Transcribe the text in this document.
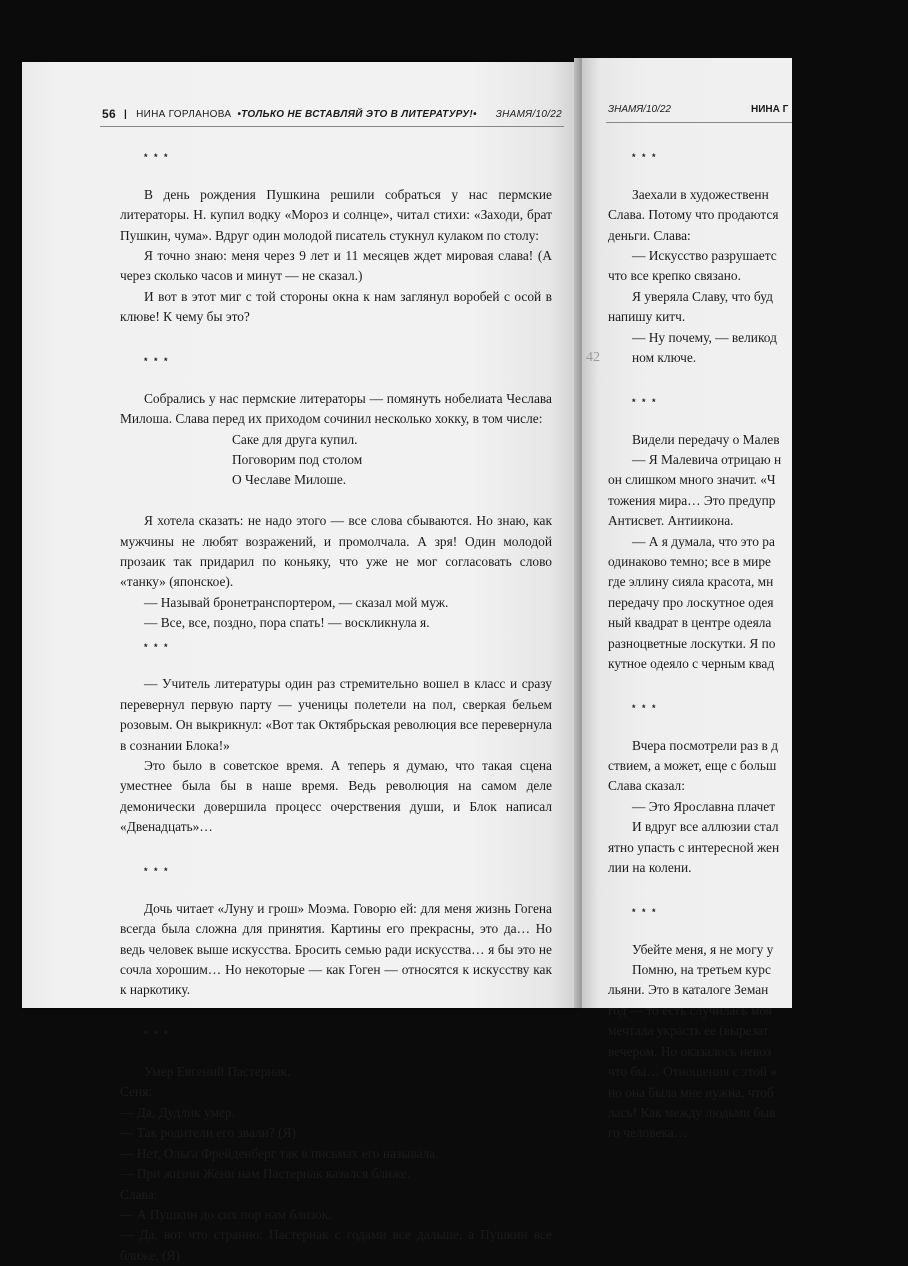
56 | НИНА ГОРЛАНОВА •ТОЛЬКО НЕ ВСТАВЛЯЙ ЭТО В ЛИТЕРАТУРУ!• ЗНАМЯ/10/22
* * *

В день рождения Пушкина решили собраться у нас пермские литераторы. Н. купил водку «Мороз и солнце», читал стихи: «Заходи, брат Пушкин, чума». Вдруг один молодой писатель стукнул кулаком по столу:

Я точно знаю: меня через 9 лет и 11 месяцев ждет мировая слава! (А через сколько часов и минут — не сказал.)

И вот в этот миг с той стороны окна к нам заглянул воробей с осой в клюве! К чему бы это?

* * *

Собрались у нас пермские литераторы — помянуть нобелиата Чеслава Милоша. Слава перед их приходом сочинил несколько хокку, в том числе:

Саке для друга купил.

Поговорим под столом

О Чеславе Милоше.

Я хотела сказать: не надо этого — все слова сбываются. Но знаю, как мужчины не любят возражений, и промолчала. А зря! Один молодой прозаик так придарил по коньяку, что уже не мог согласовать слово «танку» (японское).

— Называй бронетранспортером, — сказал мой муж.

— Все, все, поздно, пора спать! — воскликнула я.

* * *

— Учитель литературы один раз стремительно вошел в класс и сразу перевернул первую парту — ученицы полетели на пол, сверкая бельем розовым. Он выкрикнул: «Вот так Октябрьская революция все перевернула в сознании Блока!»

Это было в советское время. А теперь я думаю, что такая сцена уместнее была бы в наше время. Ведь революция на самом деле демонически довершила процесс очерствения души, и Блок написал «Двенадцать»…

* * *

Дочь читает «Луну и грош» Моэма. Говорю ей: для меня жизнь Гогена всегда была сложна для принятия. Картины его прекрасны, это да… Но ведь человек выше искусства. Бросить семью ради искусства… я бы это не сочла хорошим… Но некоторые — как Гоген — относятся к искусству как к наркотику.

* * *

Умер Евгений Пастернак.

Сеня:

— Да, Дудлик умер.

— Так родители его звали? (Я)

— Нет, Ольга Фрейденберг так в письмах его называла.

— При жизни Жени нам Пастернак казался ближе.

Слава:

— А Пушкин до сих пор нам близок.

— Да, вот что странно: Пастернак с годами все дальше, а Пушкин все ближе. (Я)

42
ЗНАМЯ/10/22	НИНА Г
* * *

Заехали в художественн

Слава. Потому что продаются

деньги. Слава:

— Искусство разрушаетс

что все крепко связано.

Я уверяла Славу, что буд

напишу китч.

— Ну почему, — великод

ном ключе.

* * *

Видели передачу о Малев

— Я Малевича отрицаю н

он слишком много значит. «Ч

тожения мира… Это предупр

Антисвет. Антиикона.

— А я думала, что это ра

одинаково темно; все в мире

где эллину сияла красота, мн

передачу про лоскутное одея

ный квадрат в центре одеяла

разноцветные лоскутки. Я по

кутное одеяло с черным квад

* * *

Вчера посмотрели раз в д

ствием, а может, еще с больш

Слава сказал:

— Это Ярославна плачет

И вдруг все аллюзии стал

ятно упасть с интересной жен

лии на колени.

* * *

Убейте меня, я не могу у

Помню, на третьем курс

льяни. Это в каталоге Земан

год — то есть случилась моя

мечтала украсть ее (вырезат

вечером. Но оказалось невоз

что бы… Отношения с этой «

но она была мне нужна, чтоб

лась! Как между людьми быв

го человека…
